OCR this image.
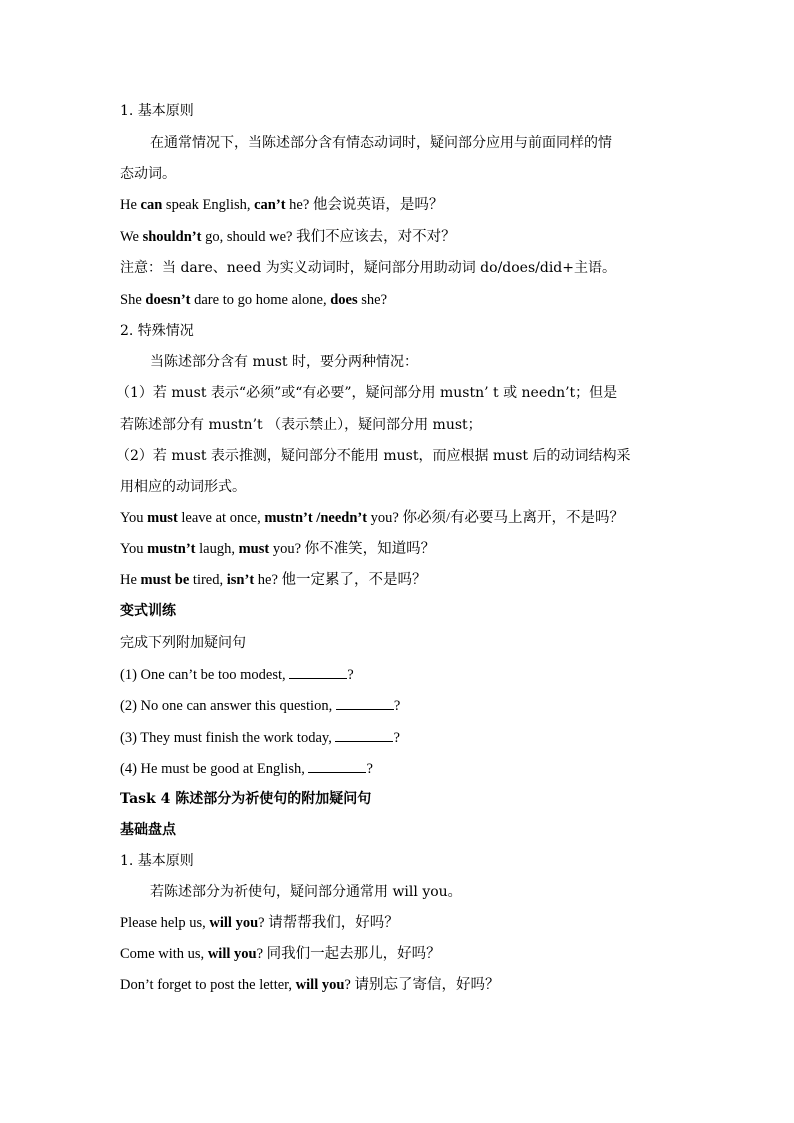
1. 基本原则
在通常情况下，当陈述部分含有情态动词时，疑问部分应用与前面同样的情
态动词。
He can speak English, can’t he? 他会说英语，是吗？
We shouldn’t go, should we? 我们不应该去，对不对？
注意：当 dare、need 为实义动词时，疑问部分用助动词 do/does/did+主语。
She doesn’t dare to go home alone, does she?
2. 特殊情况
当陈述部分含有 must 时，要分两种情况：
（1）若 must 表示“必须”或“有必要”，疑问部分用 mustn’ t 或 needn’t；但是
若陈述部分有 mustn’t （表示禁止），疑问部分用 must；
（2）若 must 表示推测，疑问部分不能用 must，而应根据 must 后的动词结构采
用相应的动词形式。
You must leave at once, mustn’t /needn’t you? 你必须/有必要马上离开，不是吗？
You mustn’t laugh, must you? 你不准笑，知道吗？
He must be tired, isn’t he? 他一定累了，不是吗？
变式训练
完成下列附加疑问句
(1) One can’t be too modest,	?
(2) No one can answer this question,	?
(3) They must finish the work today,	?
(4) He must be good at English,	?
Task 4 陈述部分为祈使句的附加疑问句
基础盘点
1. 基本原则
若陈述部分为祈使句，疑问部分通常用 will you。
Please help us, will you? 请帮帮我们，好吗？
Come with us, will you? 同我们一起去那儿，好吗？
Don’t forget to post the letter, will you? 请别忘了寄信，好吗？
